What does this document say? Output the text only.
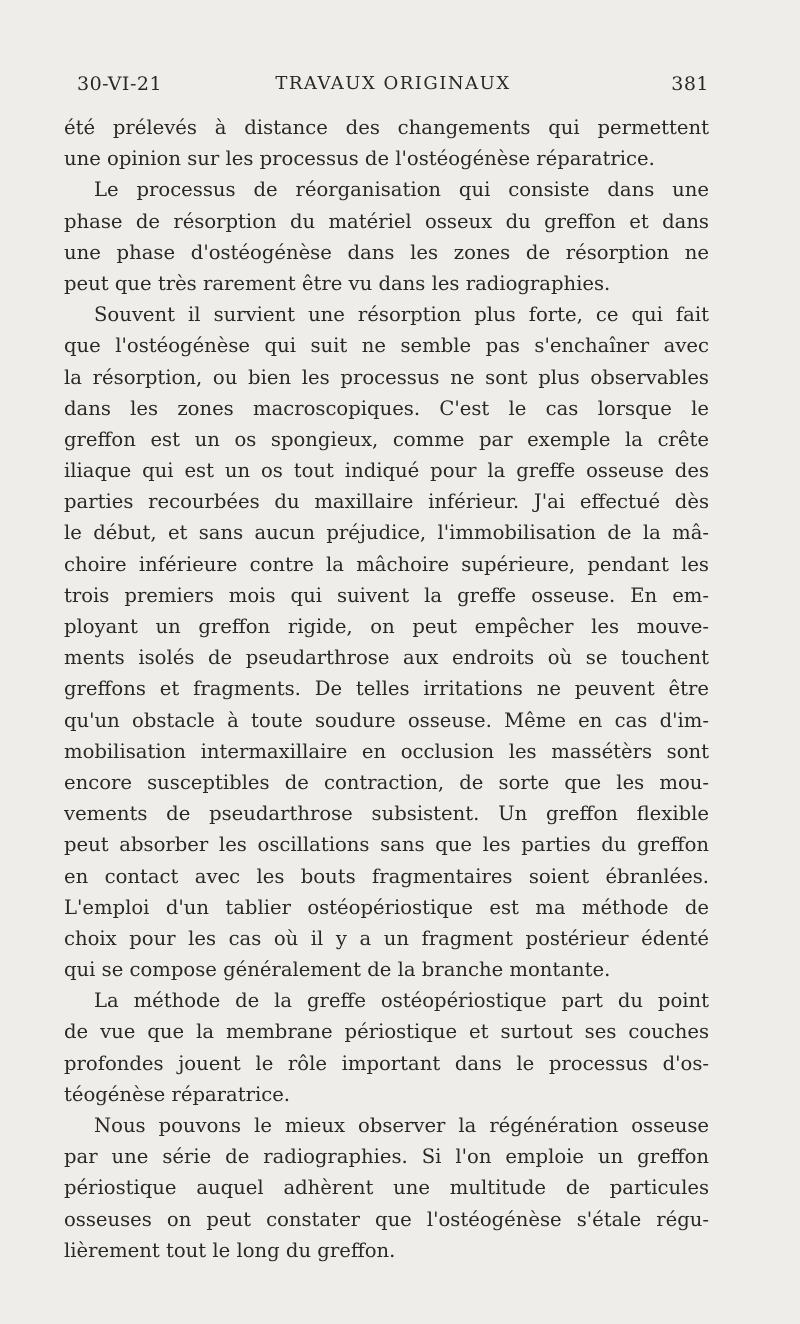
30-VI-21	TRAVAUX ORIGINAUX	381
été prélevés à distance des changements qui permettent
une opinion sur les processus de l'ostéogénèse réparatrice.
Le processus de réorganisation qui consiste dans une
phase de résorption du matériel osseux du greffon et dans
une phase d'ostéogénèse dans les zones de résorption ne
peut que très rarement être vu dans les radiographies.
Souvent il survient une résorption plus forte, ce qui fait
que l'ostéogénèse qui suit ne semble pas s'enchaîner avec
la résorption, ou bien les processus ne sont plus observables
dans les zones macroscopiques. C'est le cas lorsque le
greffon est un os spongieux, comme par exemple la crête
iliaque qui est un os tout indiqué pour la greffe osseuse des
parties recourbées du maxillaire inférieur. J'ai effectué dès
le début, et sans aucun préjudice, l'immobilisation de la mâ-
choire inférieure contre la mâchoire supérieure, pendant les
trois premiers mois qui suivent la greffe osseuse. En em-
ployant un greffon rigide, on peut empêcher les mouve-
ments isolés de pseudarthrose aux endroits où se touchent
greffons et fragments. De telles irritations ne peuvent être
qu'un obstacle à toute soudure osseuse. Même en cas d'im-
mobilisation intermaxillaire en occlusion les massétèrs sont
encore susceptibles de contraction, de sorte que les mou-
vements de pseudarthrose subsistent. Un greffon flexible
peut absorber les oscillations sans que les parties du greffon
en contact avec les bouts fragmentaires soient ébranlées.
L'emploi d'un tablier ostéopériostique est ma méthode de
choix pour les cas où il y a un fragment postérieur édenté
qui se compose généralement de la branche montante.
La méthode de la greffe ostéopériostique part du point
de vue que la membrane périostique et surtout ses couches
profondes jouent le rôle important dans le processus d'os-
téogénèse réparatrice.
Nous pouvons le mieux observer la régénération osseuse
par une série de radiographies. Si l'on emploie un greffon
périostique auquel adhèrent une multitude de particules
osseuses on peut constater que l'ostéogénèse s'étale régu-
lièrement tout le long du greffon.
